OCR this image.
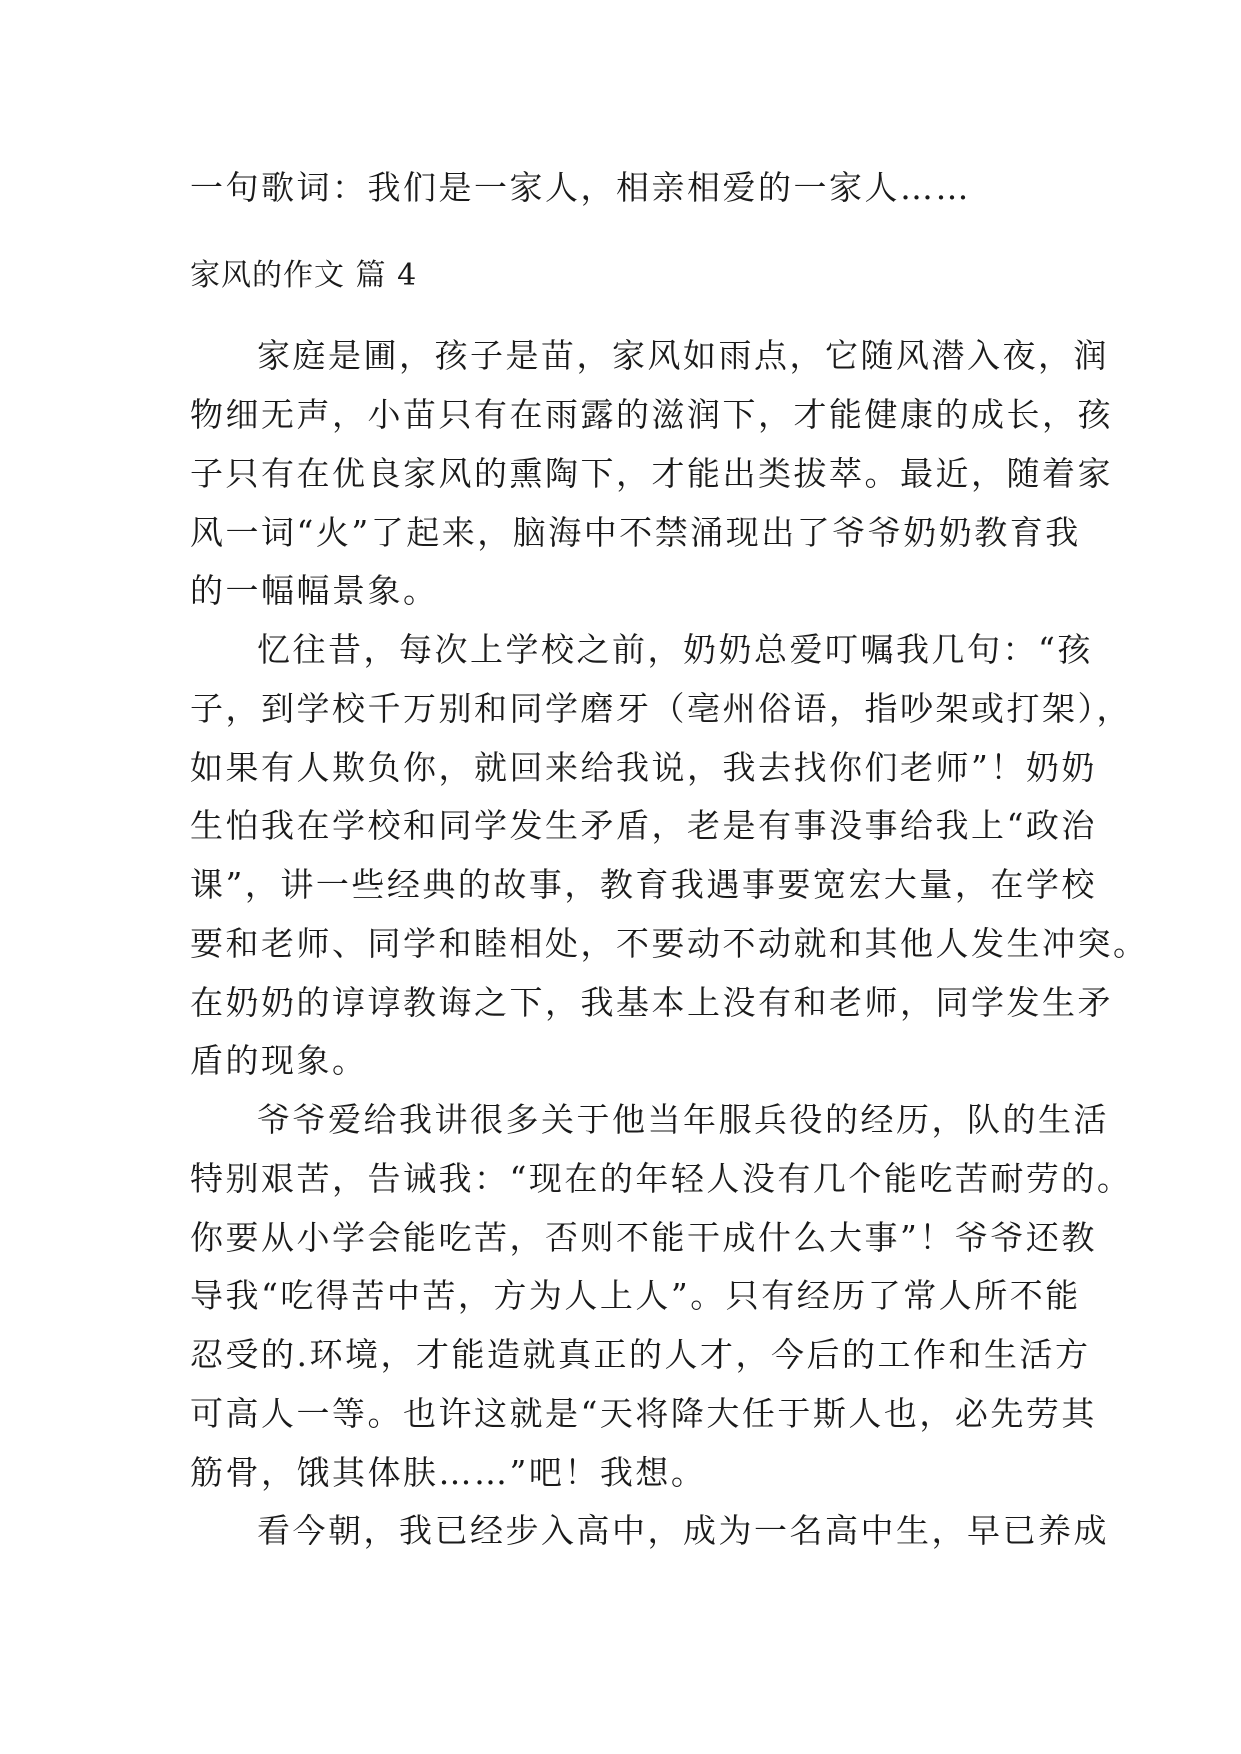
一句歌词：我们是一家人，相亲相爱的一家人……
家风的作文 篇 4
家庭是圃，孩子是苗，家风如雨点，它随风潜入夜，润
物细无声，小苗只有在雨露的滋润下，才能健康的成长，孩
子只有在优良家风的熏陶下，才能出类拔萃。最近，随着家
风一词“火”了起来，脑海中不禁涌现出了爷爷奶奶教育我
的一幅幅景象。
忆往昔，每次上学校之前，奶奶总爱叮嘱我几句：“孩
子，到学校千万别和同学磨牙（亳州俗语，指吵架或打架），
如果有人欺负你，就回来给我说，我去找你们老师”！奶奶
生怕我在学校和同学发生矛盾，老是有事没事给我上“政治
课”，讲一些经典的故事，教育我遇事要宽宏大量，在学校
要和老师、同学和睦相处，不要动不动就和其他人发生冲突。
在奶奶的谆谆教诲之下，我基本上没有和老师，同学发生矛
盾的现象。
爷爷爱给我讲很多关于他当年服兵役的经历，队的生活
特别艰苦，告诫我：“现在的年轻人没有几个能吃苦耐劳的。
你要从小学会能吃苦，否则不能干成什么大事”！爷爷还教
导我“吃得苦中苦，方为人上人”。只有经历了常人所不能
忍受的.环境，才能造就真正的人才，今后的工作和生活方
可高人一等。也许这就是“天将降大任于斯人也，必先劳其
筋骨，饿其体肤……”吧！我想。
看今朝，我已经步入高中，成为一名高中生，早已养成
